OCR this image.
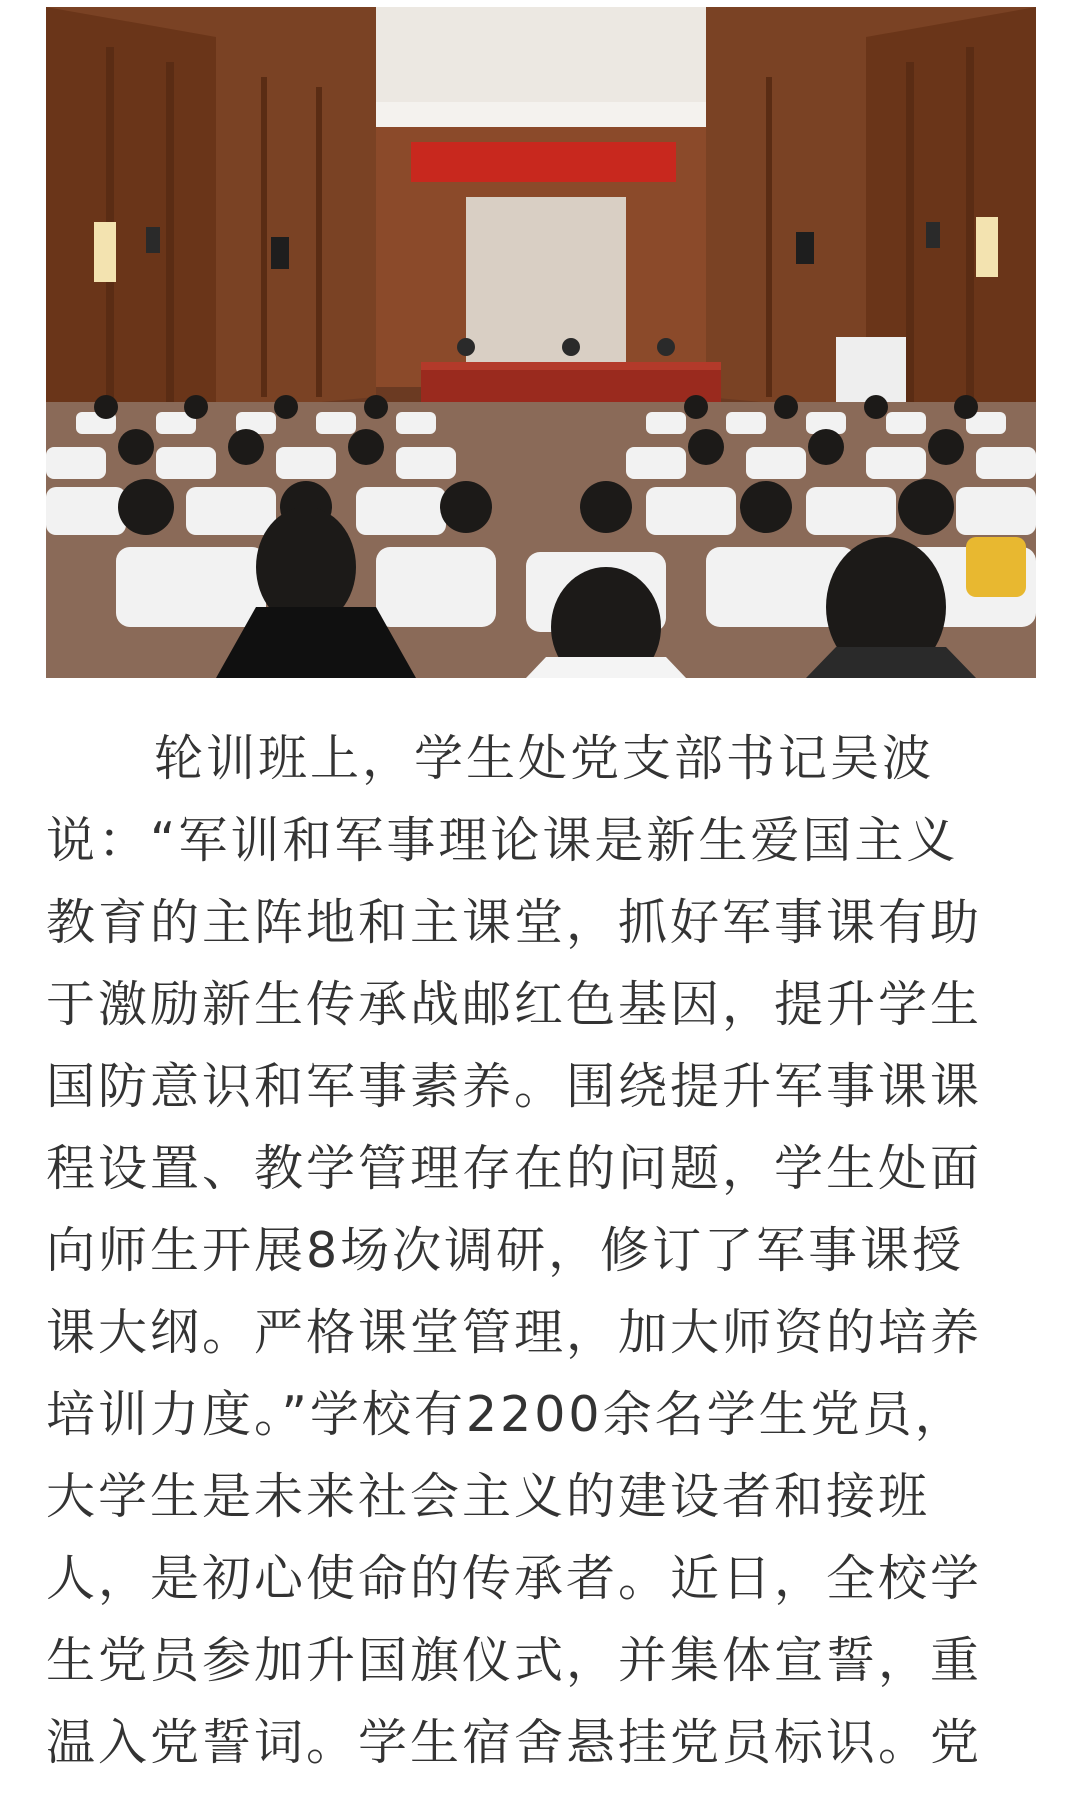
轮训班上，学生处党支部书记吴波
说：“军训和军事理论课是新生爱国主义
教育的主阵地和主课堂，抓好军事课有助
于激励新生传承战邮红色基因，提升学生
国防意识和军事素养。围绕提升军事课课
程设置、教学管理存在的问题，学生处面
向师生开展8场次调研，修订了军事课授
课大纲。严格课堂管理，加大师资的培养
培训力度。”学校有2200余名学生党员，
大学生是未来社会主义的建设者和接班
人，是初心使命的传承者。近日，全校学
生党员参加升国旗仪式，并集体宣誓，重
温入党誓词。学生宿舍悬挂党员标识。党
